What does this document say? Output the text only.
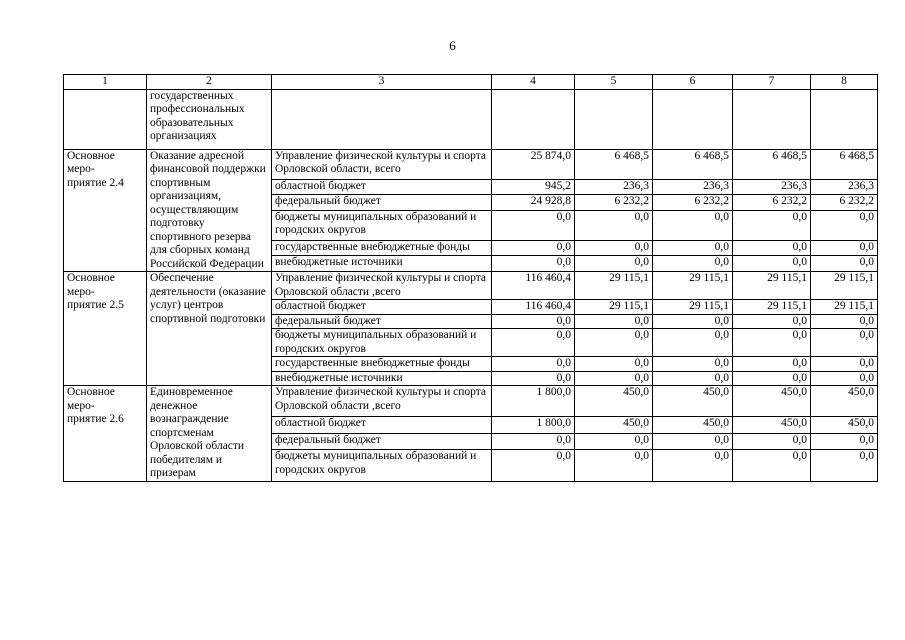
6
1	2	3	4	5	6	7	8
	государственных профессиональных образовательных организациях						

Основное
меро-
приятие 2.4	Оказание адресной финансовой поддержки спортивным организациям, осуществляющим подготовку спортивного резерва для сборных команд Российской Федерации	Управление физической культуры и спорта Орловской области, всего	25 874,0	6 468,5	6 468,5	6 468,5	6 468,5
		областной бюджет	945,2	236,3	236,3	236,3	236,3
		федеральный бюджет	24 928,8	6 232,2	6 232,2	6 232,2	6 232,2
		бюджеты муниципальных образований и городских округов	0,0	0,0	0,0	0,0	0,0
		государственные внебюджетные фонды	0,0	0,0	0,0	0,0	0,0
		внебюджетные источники	0,0	0,0	0,0	0,0	0,0

Основное
меро-
приятие 2.5	Обеспечение деятельности (оказание услуг) центров спортивной подготовки	Управление физической культуры и спорта Орловской области ,всего	116 460,4	29 115,1	29 115,1	29 115,1	29 115,1
		областной бюджет	116 460,4	29 115,1	29 115,1	29 115,1	29 115,1
		федеральный бюджет	0,0	0,0	0,0	0,0	0,0
		бюджеты муниципальных образований и городских округов	0,0	0,0	0,0	0,0	0,0
		государственные внебюджетные фонды	0,0	0,0	0,0	0,0	0,0
		внебюджетные источники	0,0	0,0	0,0	0,0	0,0

Основное
меро-
приятие 2.6	Единовременное денежное вознаграждение спортсменам Орловской области победителям и призерам	Управление физической культуры и спорта Орловской области ,всего	1 800,0	450,0	450,0	450,0	450,0
		областной бюджет	1 800,0	450,0	450,0	450,0	450,0
		федеральный бюджет	0,0	0,0	0,0	0,0	0,0
		бюджеты муниципальных образований и городских округов	0,0	0,0	0,0	0,0	0,0
